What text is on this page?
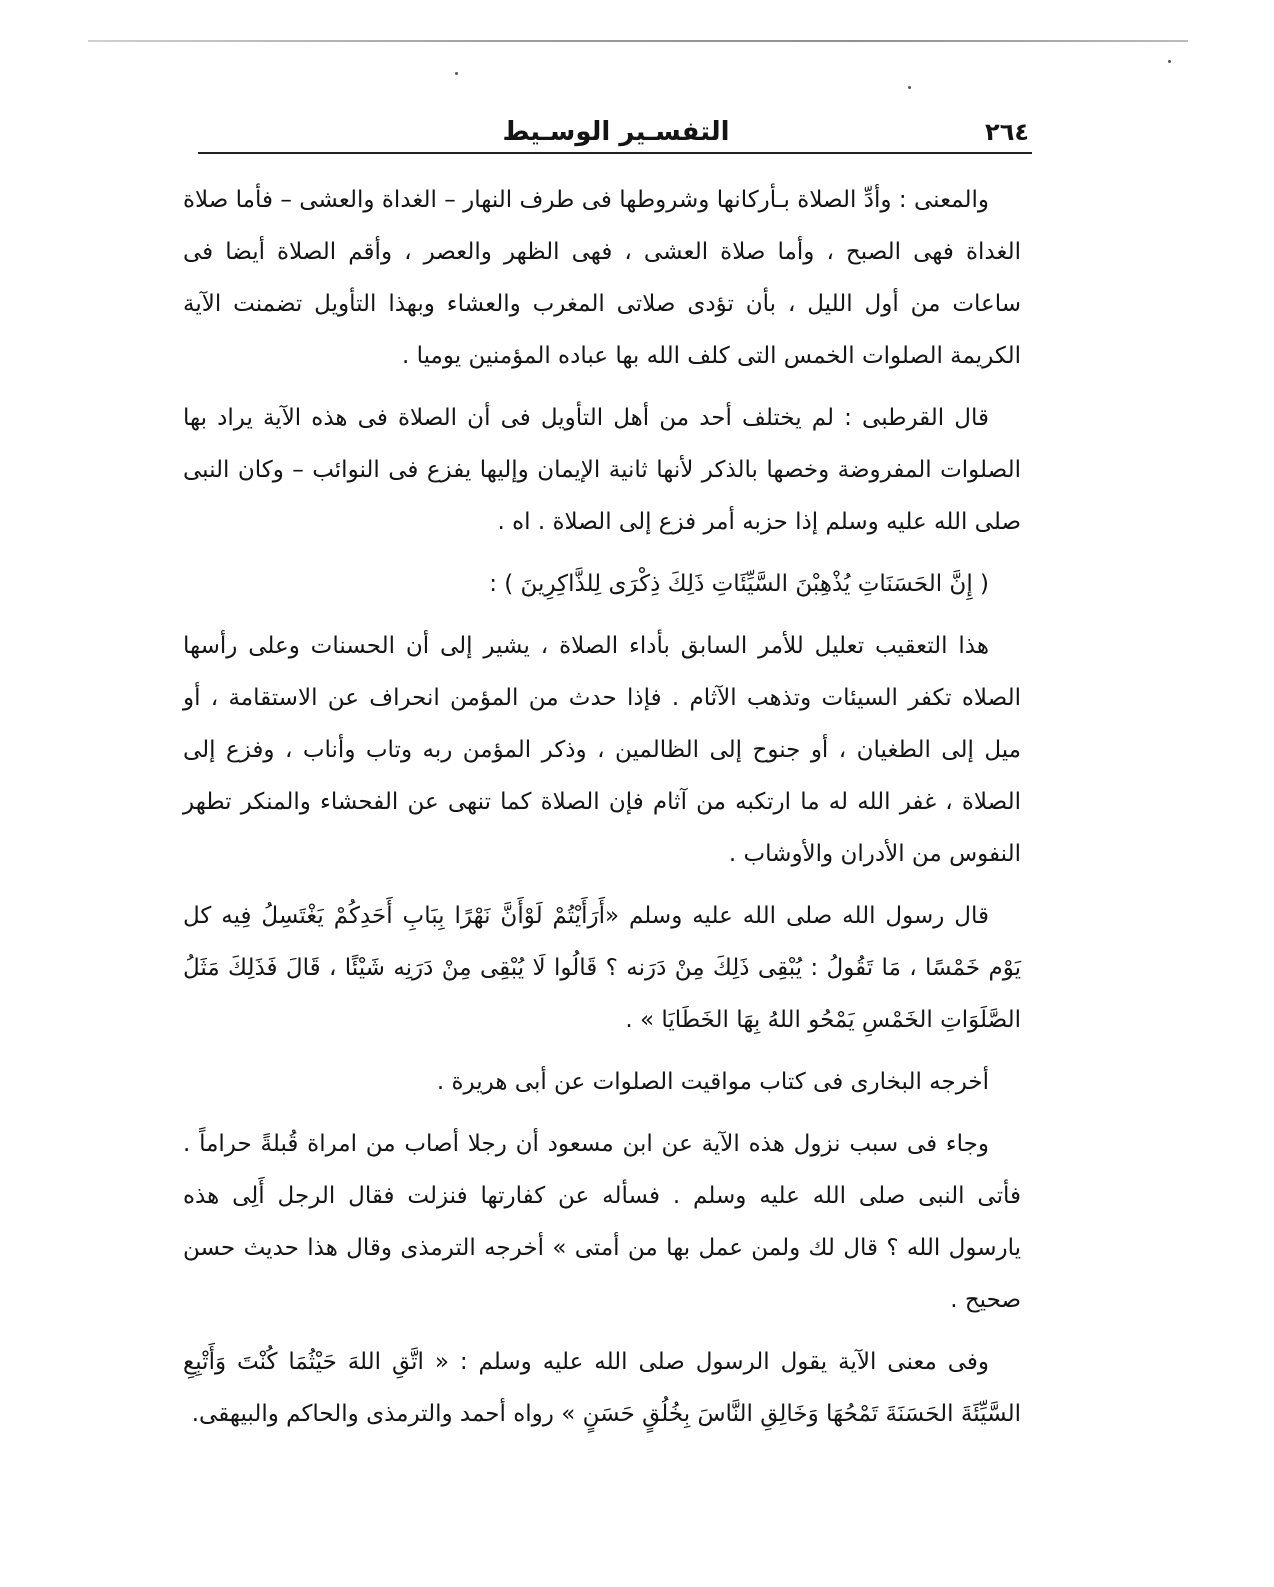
٢٦٤
التفسـير الوسـيط

والمعنى : وأدِّ الصلاة بـأركانها وشروطها فى طرف النهار – الغداة والعشى – فأما صلاة الغداة فهى الصبح ، وأما صلاة العشى ، فهى الظهر والعصر ، وأقم الصلاة أيضا فى ساعات من أول الليل ، بأن تؤدى صلاتى المغرب والعشاء وبهذا التأويل تضمنت الآية الكريمة الصلوات الخمس التى كلف الله بها عباده المؤمنين يوميا .

قال القرطبى : لم يختلف أحد من أهل التأويل فى أن الصلاة فى هذه الآية يراد بها الصلوات المفروضة وخصها بالذكر لأنها ثانية الإيمان وإليها يفزع فى النوائب – وكان النبى صلى الله عليه وسلم إذا حزبه أمر فزع إلى الصلاة . اه .

( إِنَّ الحَسَنَاتِ يُذْهِبْنَ السَّيِّئَاتِ ذَلِكَ ذِكْرَى لِلذَّاكِرِينَ ) :

هذا التعقيب تعليل للأمر السابق بأداء الصلاة ، يشير إلى أن الحسنات وعلى رأسها الصلاه تكفر السيئات وتذهب الآثام . فإذا حدث من المؤمن انحراف عن الاستقامة ، أو ميل إلى الطغيان ، أو جنوح إلى الظالمين ، وذكر المؤمن ربه وتاب وأناب ، وفزع إلى الصلاة ، غفر الله له ما ارتكبه من آثام فإن الصلاة كما تنهى عن الفحشاء والمنكر تطهر النفوس من الأدران والأوشاب .

قال رسول الله صلى الله عليه وسلم «أَرَأَيْتُمْ لَوْأَنَّ نَهْرًا بِبَابِ أَحَدِكُمْ يَغْتَسِلُ فِيه كل يَوْم خَمْسًا ، مَا تَقُولُ : يُبْقِى ذَلِكَ مِنْ دَرَنه ؟ قَالُوا لَا يُبْقِى مِنْ دَرَنِه شَيْئًا ، قَالَ فَذَلِكَ مَثَلُ الصَّلَوَاتِ الخَمْسِ يَمْحُو اللهُ بِهَا الخَطَايَا » .

أخرجه البخارى فى كتاب مواقيت الصلوات عن أبى هريرة .

وجاء فى سبب نزول هذه الآية عن ابن مسعود أن رجلا أصاب من امراة قُبلةً حراماً . فأتى النبى صلى الله عليه وسلم . فسأله عن كفارتها فنزلت فقال الرجل أَلِى هذه يارسول الله ؟ قال لك ولمن عمل بها من أمتى » أخرجه الترمذى وقال هذا حديث حسن صحيح .

وفى معنى الآية يقول الرسول صلى الله عليه وسلم : « اتَّقِ اللهَ حَيْثُمَا كُنْتَ وَأَتْبِعِ السَّيِّئَةَ الحَسَنَةَ تَمْحُهَا وَخَالِقِ النَّاسَ بِخُلُقٍ حَسَنٍ » رواه أحمد والترمذى والحاكم والبيهقى.
